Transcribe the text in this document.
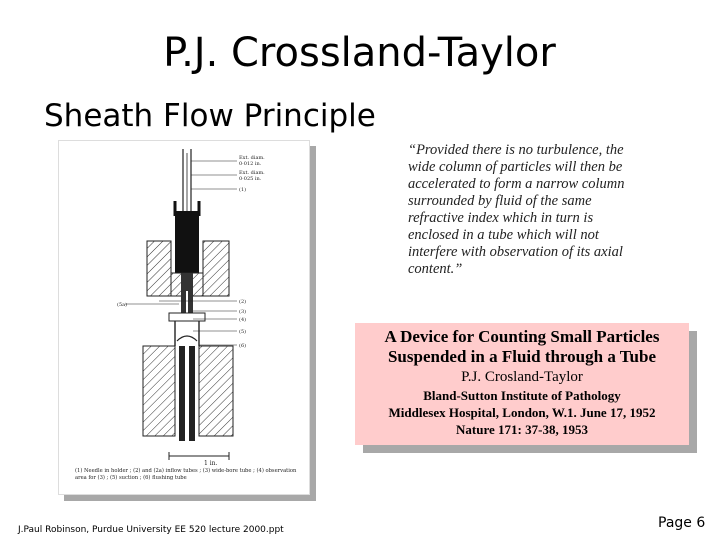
P.J. Crossland-Taylor
Sheath Flow Principle
Ext. diam.
0·012 in.
Ext. diam.
0·025 in.
(1)
(2)
(3)
(4)
(5)
(6)
(5a)
1 in.
(1) Needle in holder ; (2) and (2a) inflow tubes ; (3) wide-bore tube ; (4) observation area for (3) ; (5) suction ; (6) flushing tube
“Provided there is no turbulence, the wide column of particles will then be accelerated to form a narrow column surrounded by fluid of the same refractive index which in turn is enclosed in a tube which will not interfere with observation of its axial content.”
A Device for Counting Small Particles
Suspended in a Fluid through a Tube
P.J. Crosland-Taylor
Bland-Sutton Institute of Pathology
Middlesex Hospital, London, W.1. June 17, 1952
Nature 171: 37-38, 1953
J.Paul Robinson, Purdue University EE 520 lecture 2000.ppt	Page 6
